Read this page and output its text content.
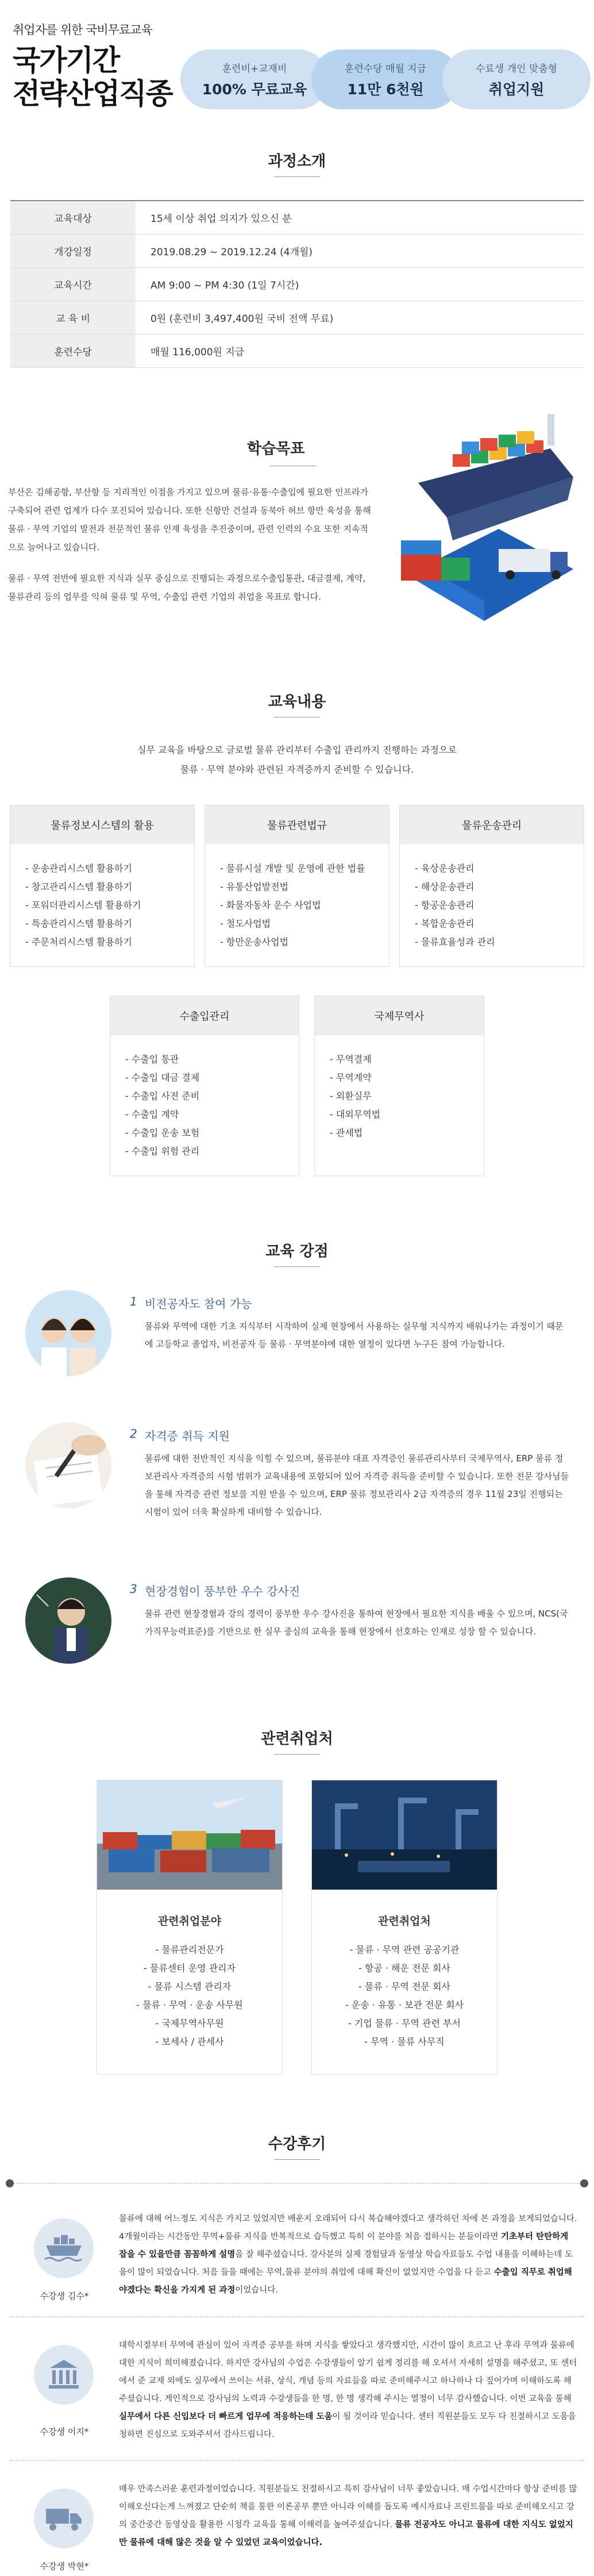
취업자를 위한 국비무료교육
국가기간
전략산업직종
훈련비+교재비
100% 무료교육
훈련수당 매월 지급
11만 6천원
수료생 개인 맞춤형
취업지원
과정소개
교육대상	15세 이상 취업 의지가 있으신 분
개강일정	2019.08.29 ~ 2019.12.24 (4개월)
교육시간	AM 9:00 ~ PM 4:30 (1일 7시간)
교 육 비	0원 (훈련비 3,497,400원 국비 전액 무료)
훈련수당	매월 116,000원 지급
학습목표

부산은 김해공항, 부산항 등 지리적인 이점을 가지고 있으며 물류·유통·수출입에 필요한 인프라가 구축되어 관련 업계가 다수 포진되어 있습니다. 또한 신항만 건설과 동북아 허브 항만 육성을 통해 물류 · 무역 기업의 발전과 전문적인 물류 인재 육성을 추진중이며, 관련 인력의 수요 또한 지속적으로 늘어나고 있습니다.

물류 · 무역 전반에 필요한 지식과 실무 중심으로 진행되는 과정으로수출입통관, 대금결제, 계약, 물류관리 등의 업무를 익혀 물류 및 무역, 수출입 관련 기업의 취업을 목표로 합니다.

교육내용
실무 교육을 바탕으로 글로벌 물류 관리부터 수출입 관리까지 진행하는 과정으로
물류 · 무역 분야와 관련된 자격증까지 준비할 수 있습니다.
물류정보시스템의 활용
- 운송관리시스템 활용하기
- 창고관리시스템 활용하기
- 포워더관리시스템 활용하기
- 특송관리시스템 활용하기
- 주문처리시스템 활용하기
물류관련법규
- 물류시설 개발 및 운영에 관한 법률
- 유통산업발전법
- 화물자동차 운수 사업법
- 철도사업법
- 항만운송사업법
물류운송관리
- 육상운송관리
- 해상운송관리
- 항공운송관리
- 복합운송관리
- 물류효율성과 관리
수출입관리
- 수출입 통관
- 수출입 대금 결제
- 수출입 사전 준비
- 수출입 계약
- 수출입 운송 보험
- 수출입 위험 관리
국제무역사
- 무역결제
- 무역계약
- 외환실무
- 대외무역법
- 관세법
교육 강점
1 비전공자도 참여 가능
물류와 무역에 대한 기초 지식부터 시작하여 실제 현장에서 사용하는 실무형 지식까지 배워나가는 과정이기 때문에 고등학교 졸업자, 비전공자 등 물류 · 무역분야에 대한 열정이 있다면 누구든 참여 가능합니다.
2 자격증 취득 지원
물류에 대한 전반적인 지식을 익힐 수 있으며, 물류분야 대표 자격증인 물류관리사부터 국제무역사, ERP 물류 정보관리사 자격증의 시험 범위가 교육내용에 포함되어 있어 자격증 취득을 준비할 수 있습니다. 또한 전문 강사님들을 통해 자격증 관련 정보를 지원 받을 수 있으며, ERP 물류 정보관리사 2급 자격증의 경우 11월 23일 진행되는 시험이 있어 더욱 확실하게 대비할 수 있습니다.
3 현장경험이 풍부한 우수 강사진
물류 관련 현장경험과 강의 경력이 풍부한 우수 강사진을 통하여 현장에서 필요한 지식을 배울 수 있으며, NCS(국가직무능력표준)를 기반으로 한 실무 중심의 교육을 통해 현장에서 선호하는 인재로 성장 할 수 있습니다.
관련취업처
관련취업분야
- 물류관리전문가
- 물류센터 운영 관리자
- 물류 시스템 관리자
- 물류 · 무역 · 운송 사무원
- 국제무역사무원
- 보세사 / 관세사
관련취업처
- 물류 · 무역 관련 공공기관
- 항공 · 해운 전문 회사
- 물류 · 무역 전문 회사
- 운송 · 유통 · 보관 전문 회사
- 기업 물류 · 무역 관련 부서
- 무역 · 물류 사무직
수강후기
수강생 김수*
물류에 대해 어느정도 지식은 가지고 있었지만 배운지 오래되어 다시 복습해야겠다고 생각하던 차에 본 과정을 보게되었습니다. 4개월이라는 시간동안 무역+물류 지식을 반복적으로 습득했고 특히 이 분야를 처음 접하시는 분들이라면 기초부터 탄탄하게 잡을 수 있을만큼 꼼꼼하게 설명을 잘 해주셨습니다. 강사분의 실제 경험담과 동영상 학습자료들도 수업 내용을 이해하는데 도움이 많이 되었습니다. 처음 들을 때에는 무역,물류 분야의 취업에 대해 확신이 없었지만 수업을 다 듣고 수출입 직무로 취업해야겠다는 확신을 가지게 된 과정이었습니다.
수강생 이지*
대학시절부터 무역에 관심이 있어 자격증 공부를 하며 지식을 쌓았다고 생각했지만, 시간이 많이 흐르고 난 후라 무역과 물류에 대한 지식이 희미해졌습니다. 하지만 강사님의 수업은 수강생들이 알기 쉽게 정리를 해 오셔서 자세히 설명을 해주셨고, 또 센터에서 준 교재 외에도 실무에서 쓰이는 서류, 상식, 개념 등의 자료들을 따로 준비해주시고 하나하나 다 짚어가며 이해하도록 해 주셨습니다. 게인적으로 강사님의 노력과 수강생들을 한 명, 한 명 생각해 주시는 열정이 너무 감사했습니다. 이번 교육을 통해 실무에서 다른 신입보다 더 빠르게 업무에 적응하는데 도움이 될 것이라 믿습니다. 센터 직원분들도 모두 다 친절하시고 도움을 청하면 진심으로 도와주셔서 감사드립니다.
수강생 박현*
매우 만족스러운 훈련과정이었습니다. 직원분들도 친절하시고 특히 강사님이 너무 좋았습니다. 매 수업시간마다 항상 준비를 많이해오신다는게 느껴졌고 단순히 책을 통한 이론공부 뿐만 아니라 이해를 돕도록 예시자료나 프린트물을 따로 준비해오시고 강의 중간중간 동영상을 활용한 시청각 교육을 통해 이해력을 높여주셨습니다. 물류 전공자도 아니고 물류에 대한 지식도 없었지만 물류에 대해 많은 것을 알 수 있었던 교육이었습니다.
